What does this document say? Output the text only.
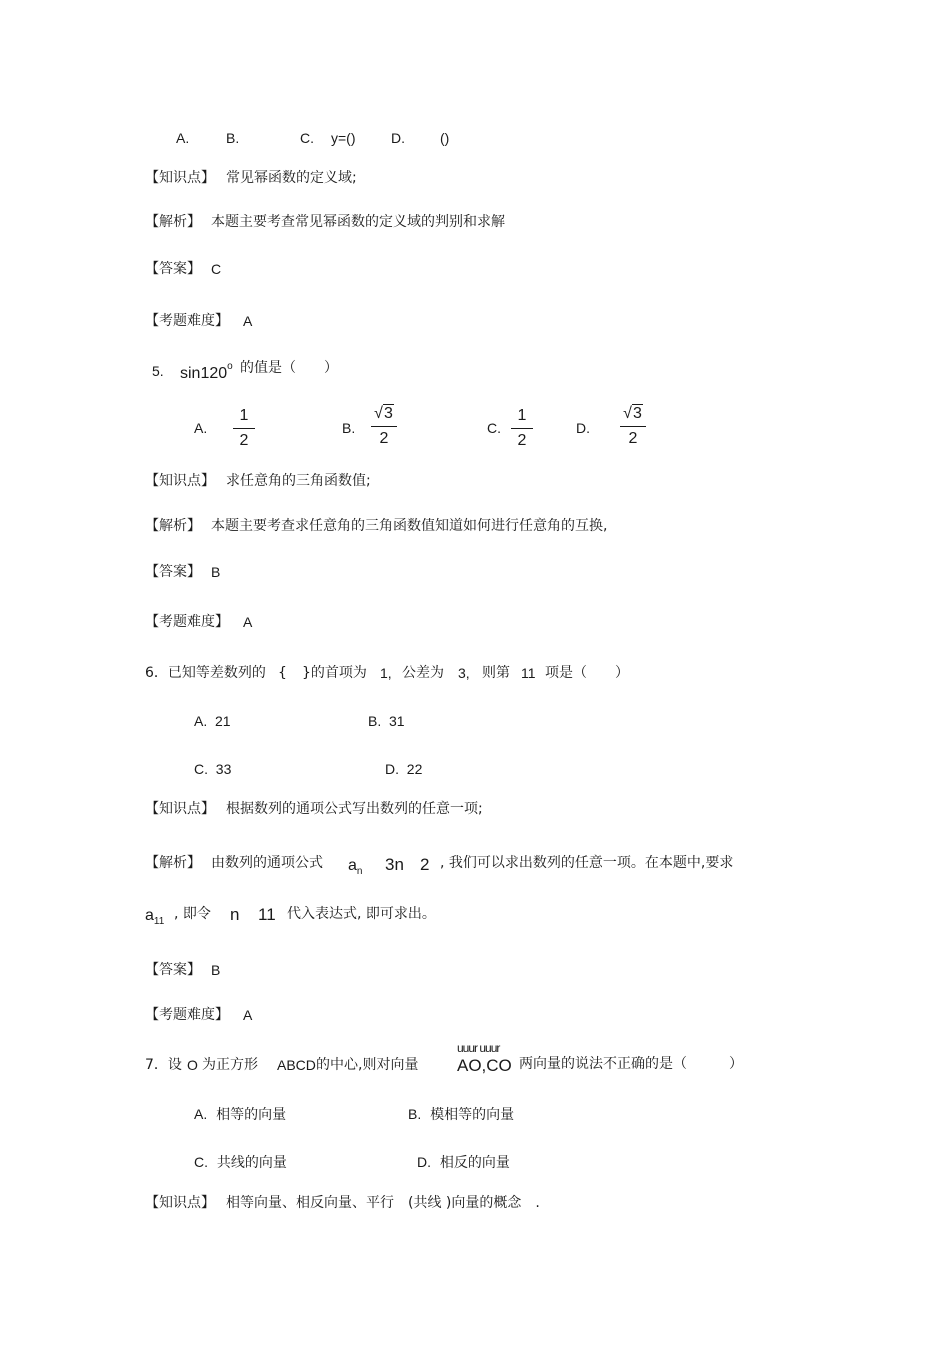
A.	B.	C. y=()	D.	()
【知识点】 常见幂函数的定义域;
【解析】 本题主要考查常见幂函数的定义域的判别和求解
【答案】 C
【考题难度】 A
5. sin120$^o$ 的值是（　　）
A.
1
2
B.
√3
2
C.
1
2
D.
√3
2
【知识点】 求任意角的三角函数值;
【解析】 本题主要考查求任意角的三角函数值知道如何进行任意角的互换,
【答案】 B
【考题难度】 A
6．已知等差数列的 { }的首项为 1, 公差为 3, 则第 11 项是（　　）
A. 21	B. 31
C. 33	D. 22
【知识点】 根据数列的通项公式写出数列的任意一项;
【解析】 由数列的通项公式 $a_n$ 3n 2 , 我们可以求出数列的任意一项。在本题中,要求
$a_{11}$ , 即令 n 11 代入表达式, 即可求出。
【答案】 B
【考题难度】 A
7．设 O 为正方形 ABCD 的中心,则对向量
uuur uuur
AO,CO 两向量的说法不正确的是（　　　）
A. 相等的向量	B. 模相等的向量
C. 共线的向量	D. 相反的向量
【知识点】 相等向量、相反向量、平行　(共线 )向量的概念　.
